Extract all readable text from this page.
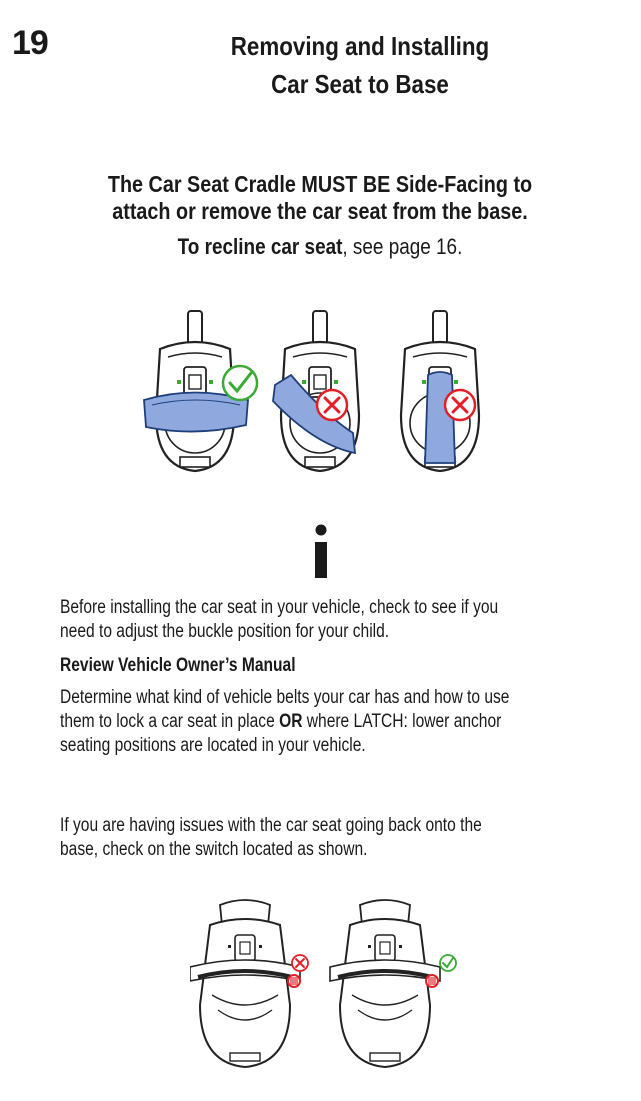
19	Removing and Installing
Car Seat to Base
The Car Seat Cradle MUST BE Side-Facing to
attach or remove the car seat from the base.
To recline car seat, see page 16.
Before installing the car seat in your vehicle, check to see if you
need to adjust the buckle position for your child.
Review Vehicle Owner’s Manual
Determine what kind of vehicle belts your car has and how to use
them to lock a car seat in place OR where LATCH: lower anchor
seating positions are located in your vehicle.
If you are having issues with the car seat going back onto the
base, check on the switch located as shown.
